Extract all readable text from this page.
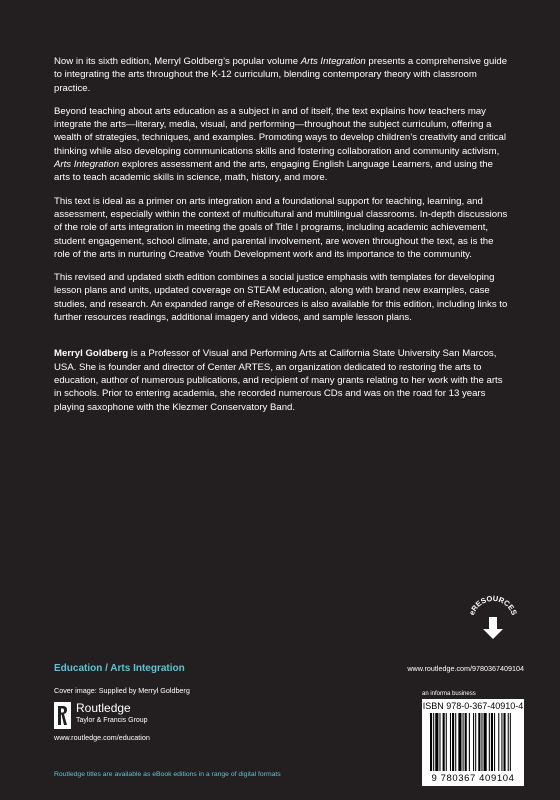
Now in its sixth edition, Merryl Goldberg’s popular volume Arts Integration presents a comprehensive guide to integrating the arts throughout the K-12 curriculum, blending contemporary theory with classroom practice.

Beyond teaching about arts education as a subject in and of itself, the text explains how teachers may integrate the arts—literary, media, visual, and performing—throughout the subject curriculum, offering a wealth of strategies, techniques, and examples. Promoting ways to develop children’s creativity and critical thinking while also developing communications skills and fostering collaboration and community activism, Arts Integration explores assessment and the arts, engaging English Language Learners, and using the arts to teach academic skills in science, math, history, and more.

This text is ideal as a primer on arts integration and a foundational support for teaching, learning, and assessment, especially within the context of multicultural and multilingual classrooms. In-depth discussions of the role of arts integration in meeting the goals of Title I programs, including academic achievement, student engagement, school climate, and parental involvement, are woven throughout the text, as is the role of the arts in nurturing Creative Youth Development work and its importance to the community.

This revised and updated sixth edition combines a social justice emphasis with templates for developing lesson plans and units, updated coverage on STEAM education, along with brand new examples, case studies, and research. An expanded range of eResources is also available for this edition, including links to further resources readings, additional imagery and videos, and sample lesson plans.

Merryl Goldberg is a Professor of Visual and Performing Arts at California State University San Marcos, USA. She is founder and director of Center ARTES, an organization dedicated to restoring the arts to education, author of numerous publications, and recipient of many grants relating to her work with the arts in schools. Prior to entering academia, she recorded numerous CDs and was on the road for 13 years playing saxophone with the Klezmer Conservatory Band.

eRESOURCES
Education / Arts Integration	www.routledge.com/9780367409104
Cover image: Supplied by Merryl Goldberg	an informa business
Routledge
Taylor & Francis Group
www.routledge.com/education
ISBN 978-0-367-40910-4
9 780367 409104
Routledge titles are available as eBook editions in a range of digital formats
